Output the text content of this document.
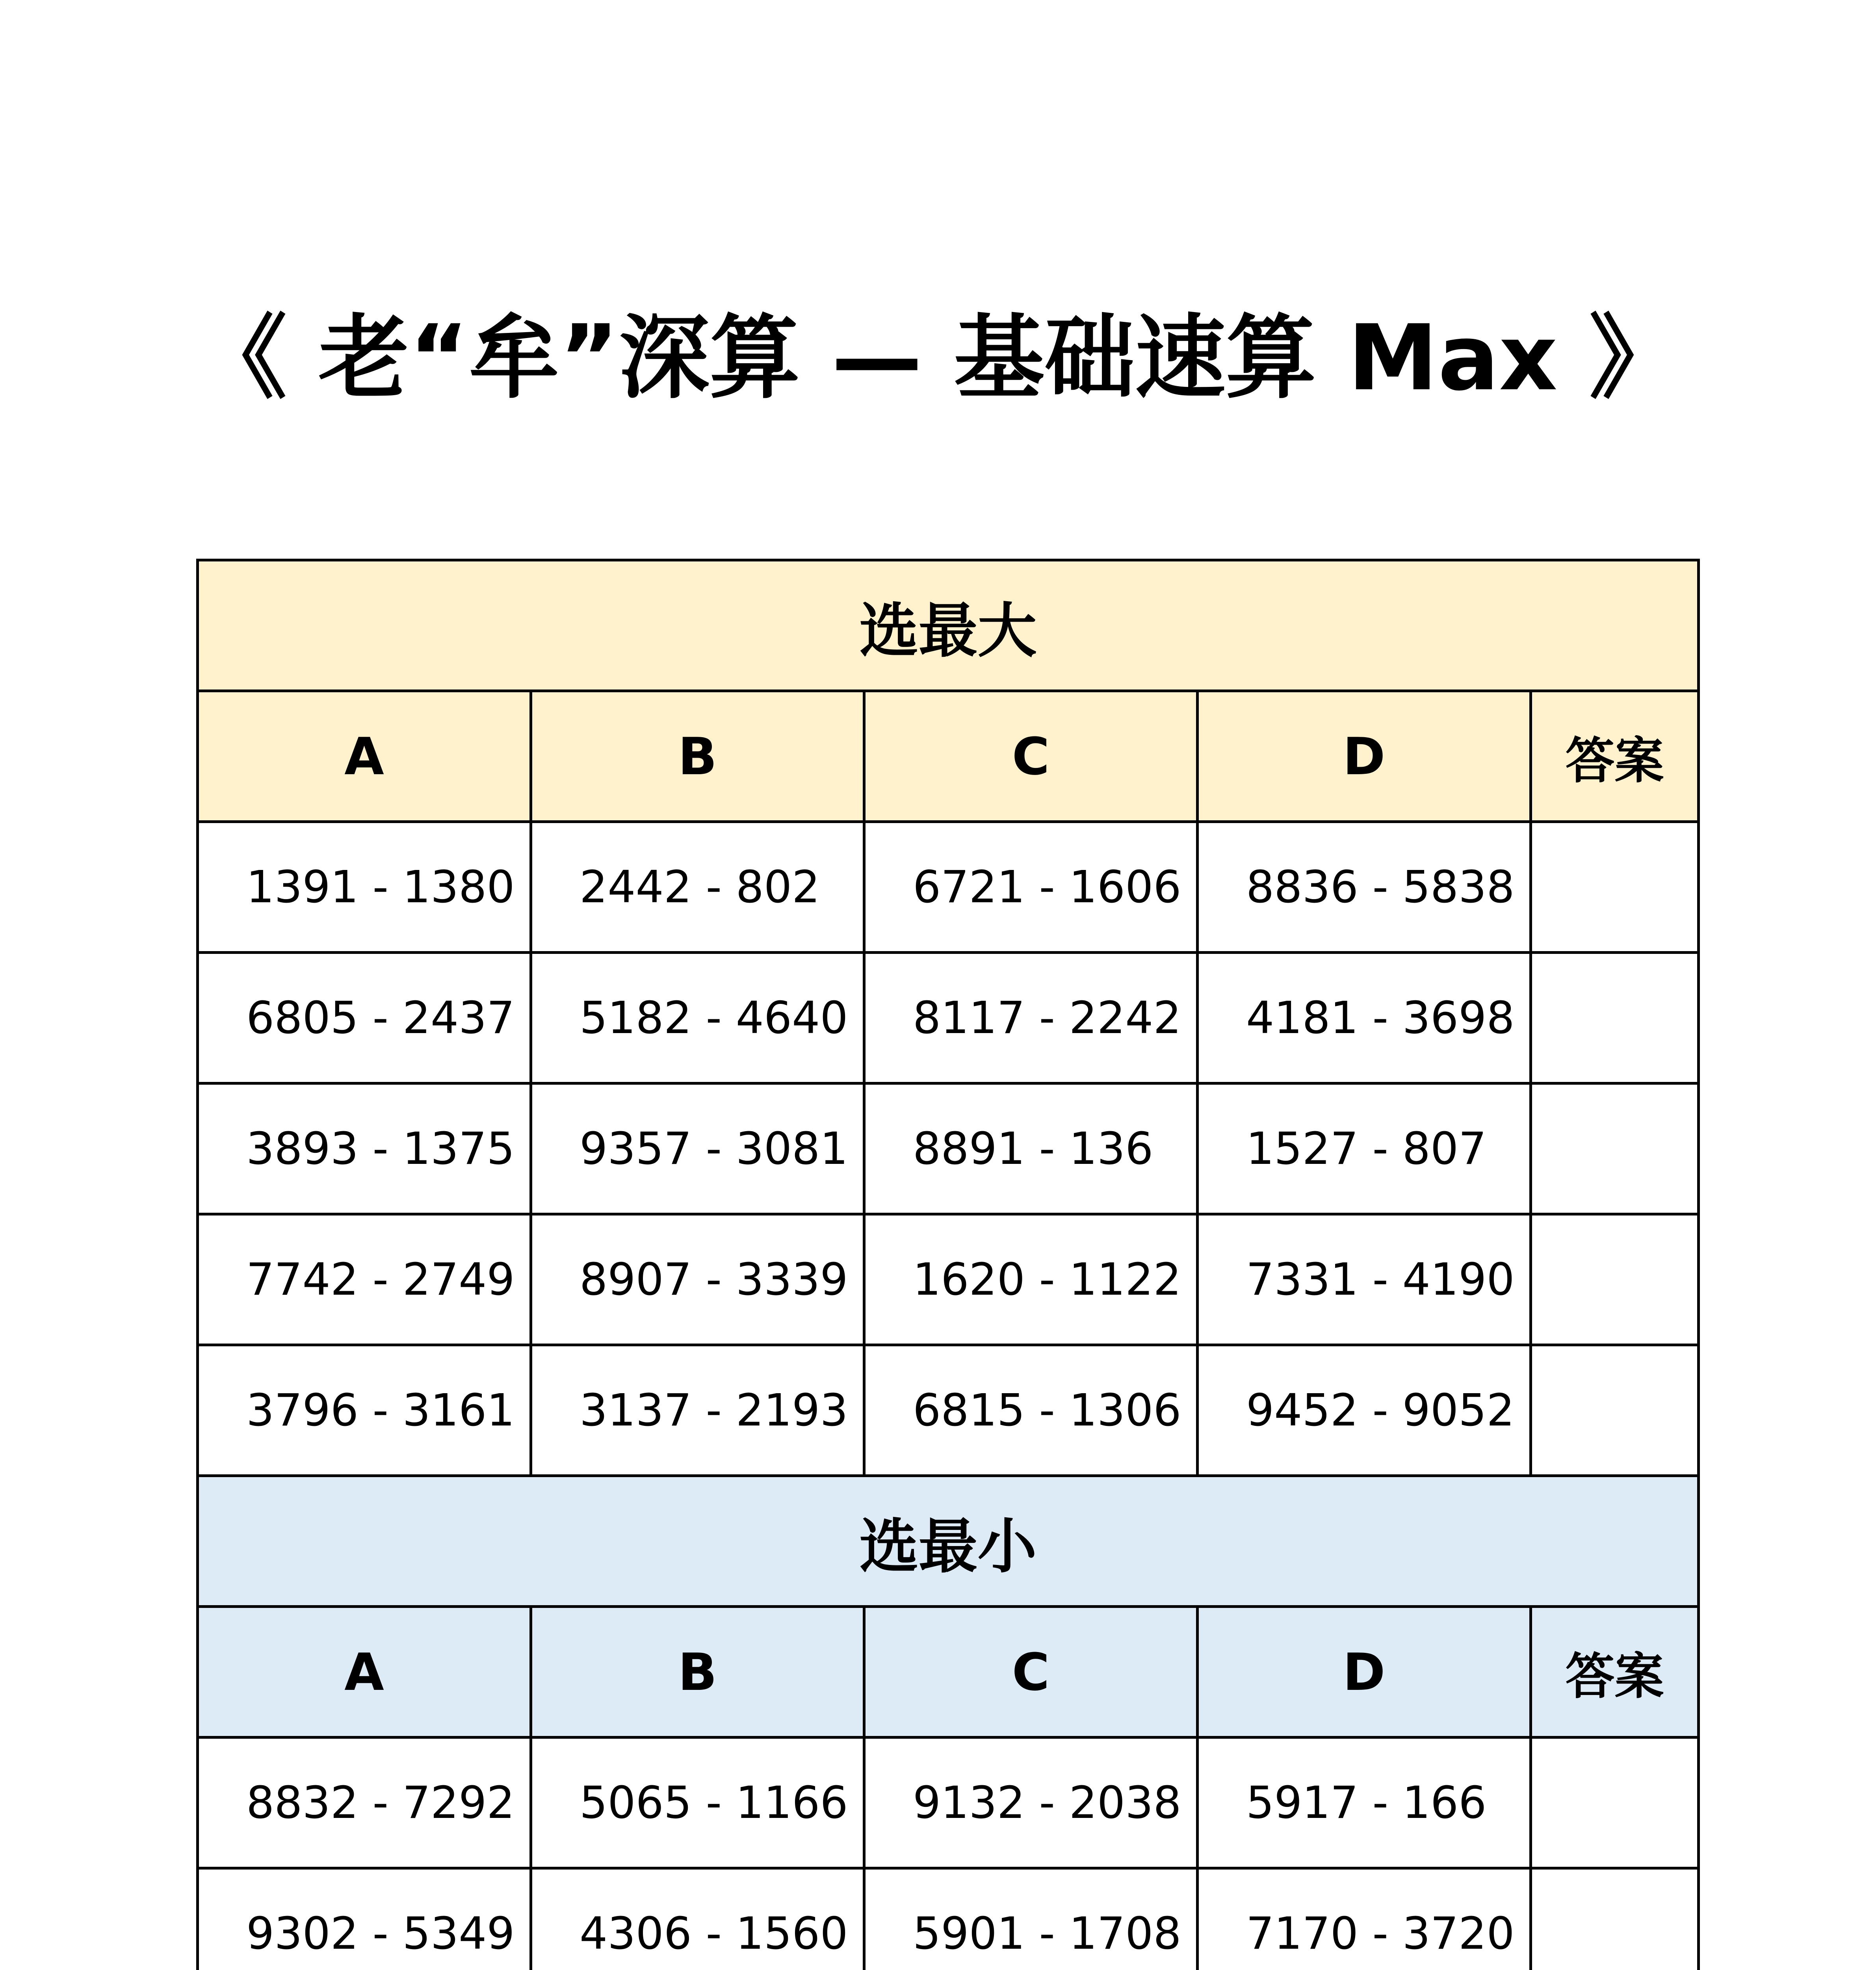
《 老“牟”深算 — 基础速算 Max 》
选最大				
A	B	C	D	答案
1391 - 1380	2442 - 802	6721 - 1606	8836 - 5838	
6805 - 2437	5182 - 4640	8117 - 2242	4181 - 3698	
3893 - 1375	9357 - 3081	8891 - 136	1527 - 807	
7742 - 2749	8907 - 3339	1620 - 1122	7331 - 4190	
3796 - 3161	3137 - 2193	6815 - 1306	9452 - 9052	
选最小				
A	B	C	D	答案
8832 - 7292	5065 - 1166	9132 - 2038	5917 - 166	
9302 - 5349	4306 - 1560	5901 - 1708	7170 - 3720	
